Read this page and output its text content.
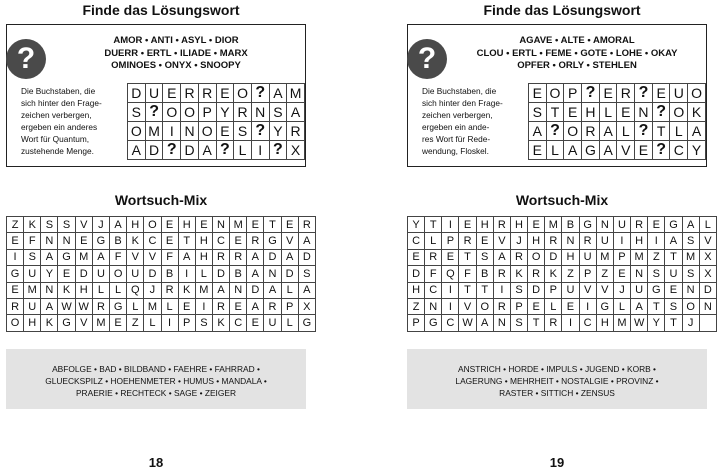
Finde das Lösungswort
?
AMOR • ANTI • ASYL • DIOR
DUERR • ERTL • ILIADE • MARX
OMINOES • ONYX • SNOOPY
Die Buchstaben, die
sich hinter den Frage-
zeichen verbergen,
ergeben ein anderes
Wort für Quantum,
zustehende Menge.
D	U	E	R	R	E	O	?	A	M
S	?	O	O	P	Y	R	N	S	A
O	M	I	N	O	E	S	?	Y	R
A	D	?	D	A	?	L	I	?	X
Wortsuch-Mix
Z	K	S	S	V	J	A	H	O	E	H	E	N	M	E	T	E	R
E	F	N	N	E	G	B	K	C	E	T	H	C	E	R	G	V	A
I	S	A	G	M	A	F	V	V	F	A	H	R	R	A	D	A	D
G	U	Y	E	D	U	O	U	D	B	I	L	D	B	A	N	D	S
E	M	N	K	H	L	L	Q	J	R	K	M	A	N	D	A	L	A
R	U	A	W	W	R	G	L	M	L	E	I	R	E	A	R	P	X
O	H	K	G	V	M	E	Z	L	I	P	S	K	C	E	U	L	G
ABFOLGE • BAD • BILDBAND • FAEHRE • FAHRRAD •
GLUECKSPILZ • HOEHENMETER • HUMUS • MANDALA •
PRAERIE • RECHTECK • SAGE • ZEIGER
18
Finde das Lösungswort
?
AGAVE • ALTE • AMORAL
CLOU • ERTL • FEME • GOTE • LOHE • OKAY
OPFER • ORLY • STEHLEN
Die Buchstaben, die
sich hinter den Frage-
zeichen verbergen,
ergeben ein ande-
res Wort für Rede-
wendung, Floskel.
E	O	P	?	E	R	?	E	U	O
S	T	E	H	L	E	N	?	O	K
A	?	O	R	A	L	?	T	L	A
E	L	A	G	A	V	E	?	C	Y
Wortsuch-Mix
Y	T	I	E	H	R	H	E	M	B	G	N	U	R	E	G	A	L
C	L	P	R	E	V	J	H	R	N	R	U	I	H	I	A	S	V
E	R	E	T	S	A	R	O	D	H	U	M	P	M	Z	T	M	X
D	F	Q	F	B	R	K	R	K	Z	P	Z	E	N	S	U	S	X
H	C	I	T	T	I	S	D	P	U	V	V	J	U	G	E	N	D
Z	N	I	V	O	R	P	E	L	E	I	G	L	A	T	S	O	N
P	G	C	W	A	N	S	T	R	I	C	H	M	W	Y	T	J	
ANSTRICH • HORDE • IMPULS • JUGEND • KORB •
LAGERUNG • MEHRHEIT • NOSTALGIE • PROVINZ •
RASTER • SITTICH • ZENSUS
19
